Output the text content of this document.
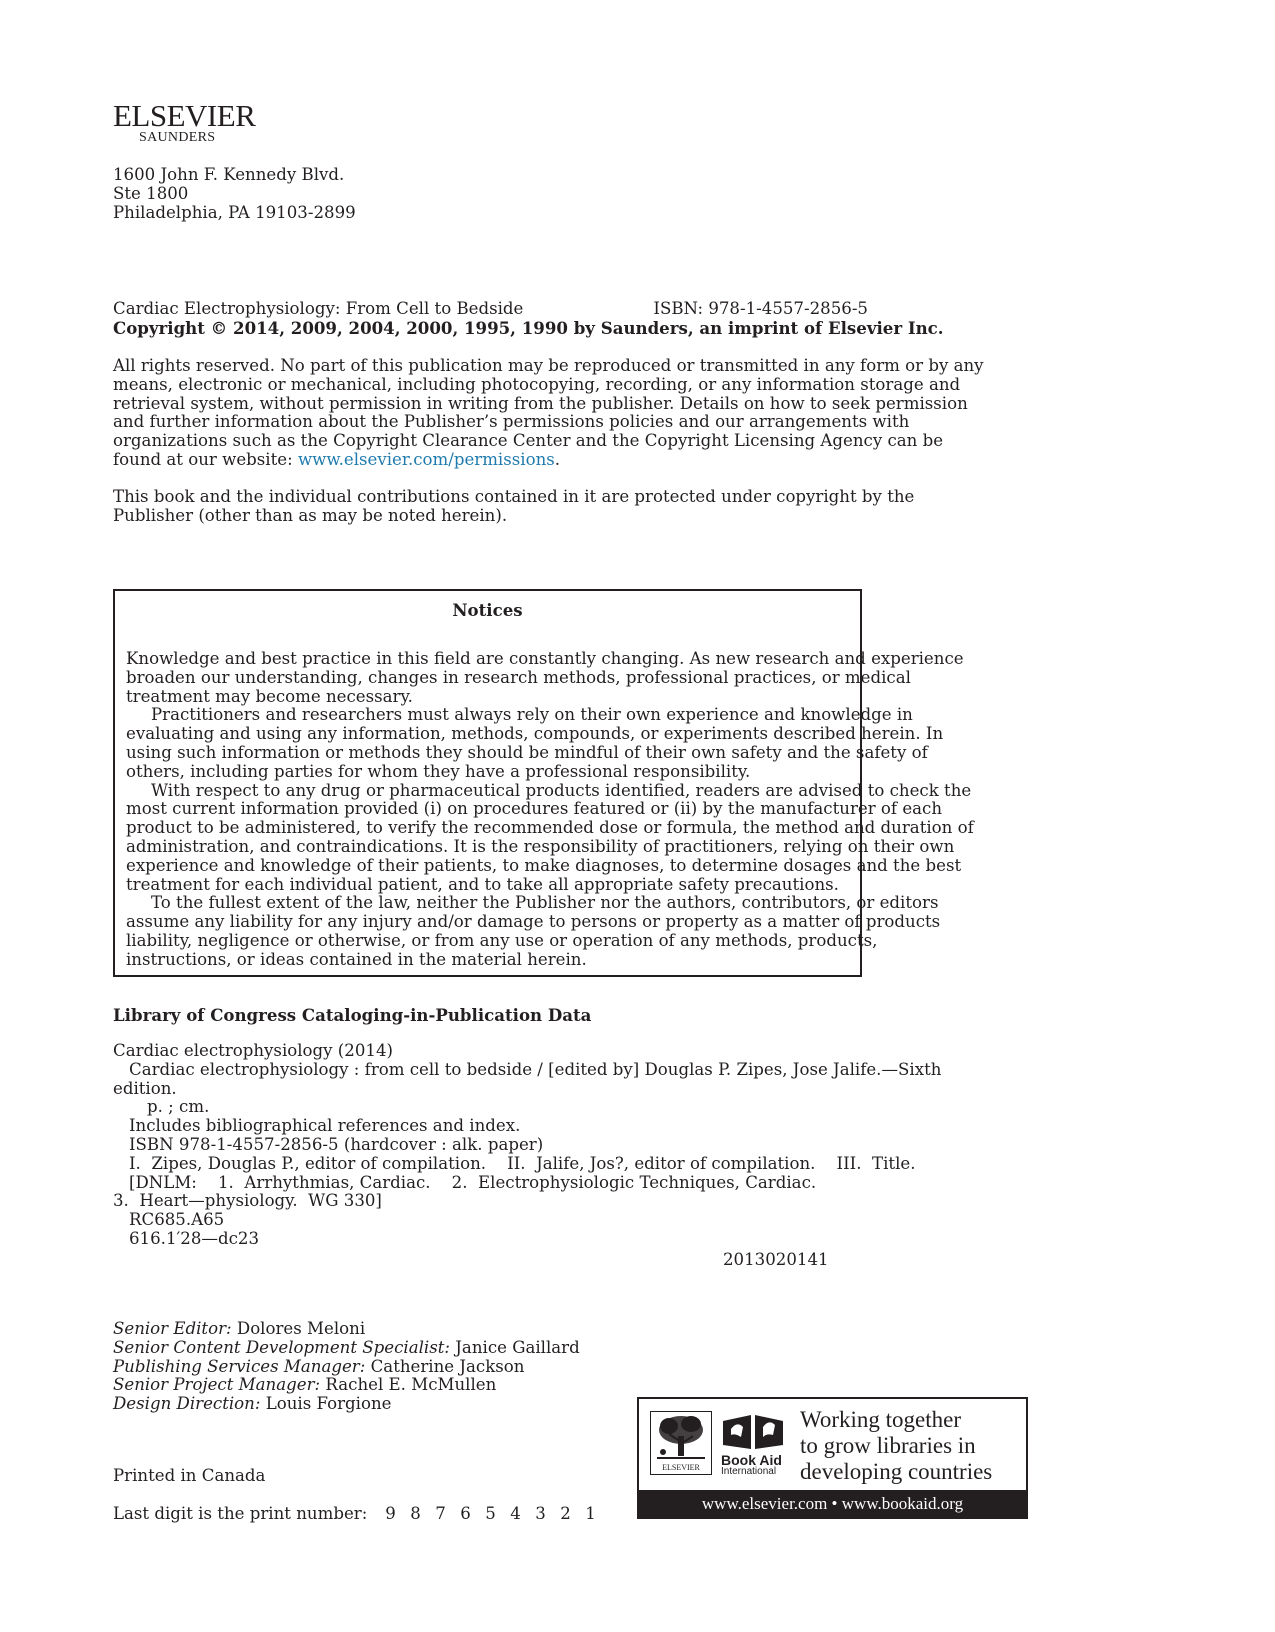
ELSEVIER
SAUNDERS
1600 John F. Kennedy Blvd.
Ste 1800
Philadelphia, PA 19103-2899
Cardiac Electrophysiology: From Cell to Bedside	ISBN: 978-1-4557-2856-5
Copyright © 2014, 2009, 2004, 2000, 1995, 1990 by Saunders, an imprint of Elsevier Inc.
All rights reserved. No part of this publication may be reproduced or transmitted in any form or by any
means, electronic or mechanical, including photocopying, recording, or any information storage and
retrieval system, without permission in writing from the publisher. Details on how to seek permission
and further information about the Publisher’s permissions policies and our arrangements with
organizations such as the Copyright Clearance Center and the Copyright Licensing Agency can be
found at our website: www.elsevier.com/permissions.
This book and the individual contributions contained in it are protected under copyright by the
Publisher (other than as may be noted herein).
Notices
Knowledge and best practice in this field are constantly changing. As new research and experience
broaden our understanding, changes in research methods, professional practices, or medical
treatment may become necessary.
Practitioners and researchers must always rely on their own experience and knowledge in
evaluating and using any information, methods, compounds, or experiments described herein. In
using such information or methods they should be mindful of their own safety and the safety of
others, including parties for whom they have a professional responsibility.
With respect to any drug or pharmaceutical products identified, readers are advised to check the
most current information provided (i) on procedures featured or (ii) by the manufacturer of each
product to be administered, to verify the recommended dose or formula, the method and duration of
administration, and contraindications. It is the responsibility of practitioners, relying on their own
experience and knowledge of their patients, to make diagnoses, to determine dosages and the best
treatment for each individual patient, and to take all appropriate safety precautions.
To the fullest extent of the law, neither the Publisher nor the authors, contributors, or editors
assume any liability for any injury and/or damage to persons or property as a matter of products
liability, negligence or otherwise, or from any use or operation of any methods, products,
instructions, or ideas contained in the material herein.
Library of Congress Cataloging-in-Publication Data
Cardiac electrophysiology (2014)
Cardiac electrophysiology : from cell to bedside / [edited by] Douglas P. Zipes, Jose Jalife.—Sixth
edition.
p. ; cm.
Includes bibliographical references and index.
ISBN 978-1-4557-2856-5 (hardcover : alk. paper)
I.  Zipes, Douglas P., editor of compilation.    II.  Jalife, Jos?, editor of compilation.    III.  Title.
[DNLM:    1.  Arrhythmias, Cardiac.    2.  Electrophysiologic Techniques, Cardiac.
3.  Heart—physiology.  WG 330]
RC685.A65
616.1′28—dc23
2013020141
Senior Editor: Dolores Meloni
Senior Content Development Specialist: Janice Gaillard
Publishing Services Manager: Catherine Jackson
Senior Project Manager: Rachel E. McMullen
Design Direction: Louis Forgione
Printed in Canada
Last digit is the print number: 9 8 7 6 5 4 3 2 1
ELSEVIER	Book Aid
International
Working together
to grow libraries in
developing countries
www.elsevier.com • www.bookaid.org
